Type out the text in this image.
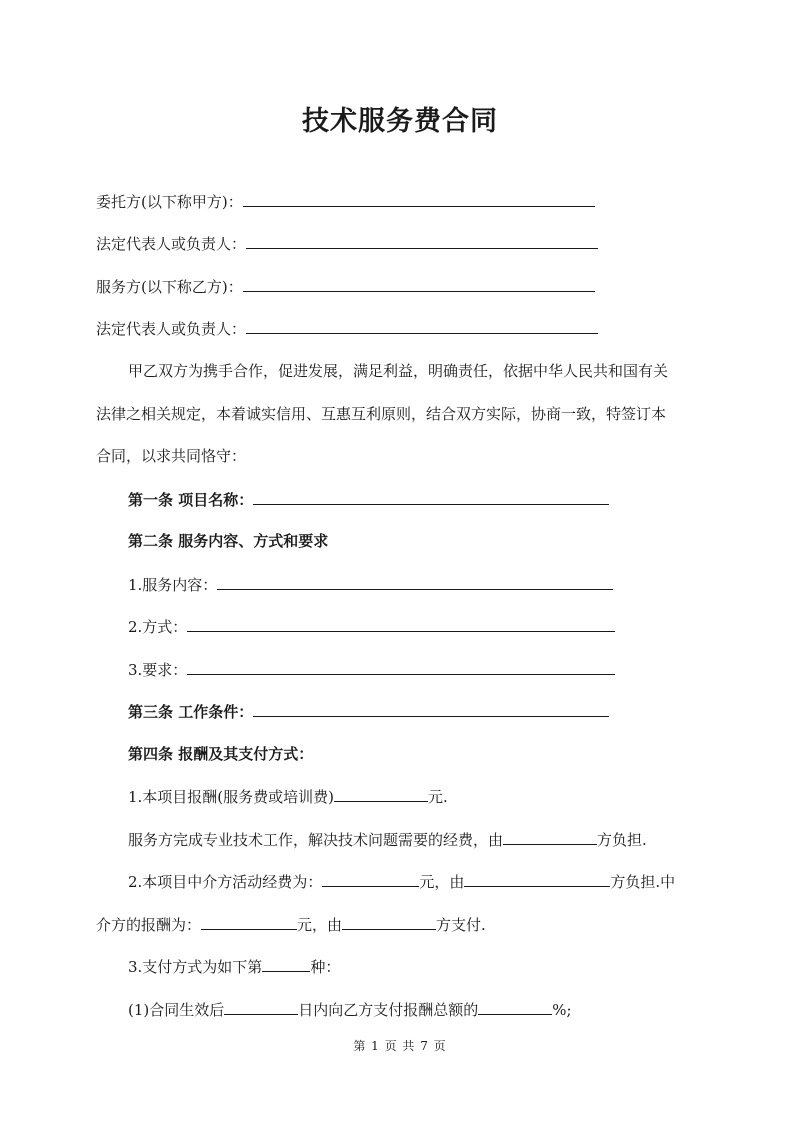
技术服务费合同
委托方(以下称甲方)：
法定代表人或负责人：
服务方(以下称乙方)：
法定代表人或负责人：
甲乙双方为携手合作，促进发展，满足利益，明确责任，依据中华人民共和国有关
法律之相关规定，本着诚实信用、互惠互利原则，结合双方实际，协商一致，特签订本
合同，以求共同恪守：
第一条 项目名称：
第二条 服务内容、方式和要求
1.服务内容：
2.方式：
3.要求：
第三条 工作条件：
第四条 报酬及其支付方式：
1.本项目报酬(服务费或培训费)	元.
服务方完成专业技术工作，解决技术问题需要的经费，由	方负担.
2.本项目中介方活动经费为：	元，由	方负担.中
介方的报酬为：	元，由	方支付.
3.支付方式为如下第	种：
(1)合同生效后	日内向乙方支付报酬总额的	%;
第 1 页 共 7 页
